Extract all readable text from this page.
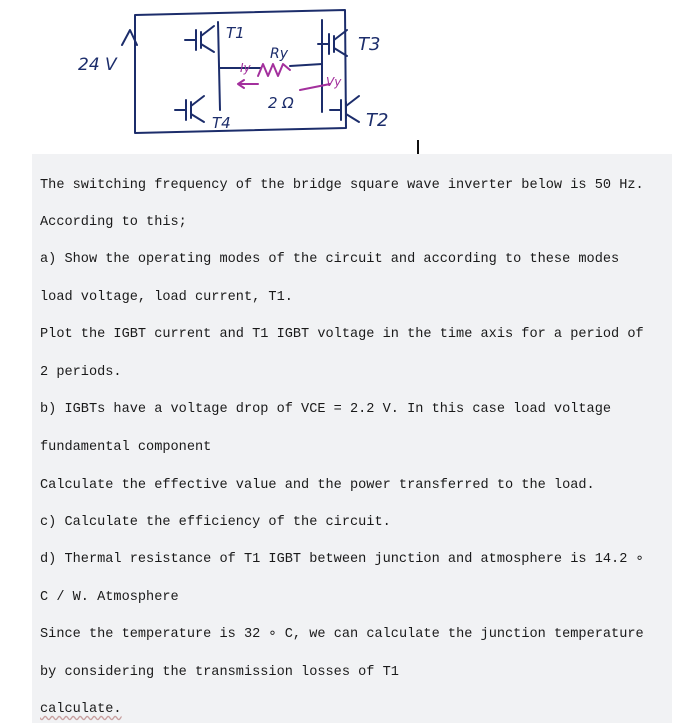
24 V
T1
T3
T4	T2
Ry
2 Ω
Iy
Vy

The switching frequency of the bridge square wave inverter below is 50 Hz.

According to this;

a) Show the operating modes of the circuit and according to these modes

load voltage, load current, T1.

Plot the IGBT current and T1 IGBT voltage in the time axis for a period of

2 periods.

b) IGBTs have a voltage drop of VCE = 2.2 V. In this case load voltage

fundamental component

Calculate the effective value and the power transferred to the load.

c) Calculate the efficiency of the circuit.

d) Thermal resistance of T1 IGBT between junction and atmosphere is 14.2 ∘

C / W. Atmosphere

Since the temperature is 32 ∘ C, we can calculate the junction temperature

by considering the transmission losses of T1

calculate.
